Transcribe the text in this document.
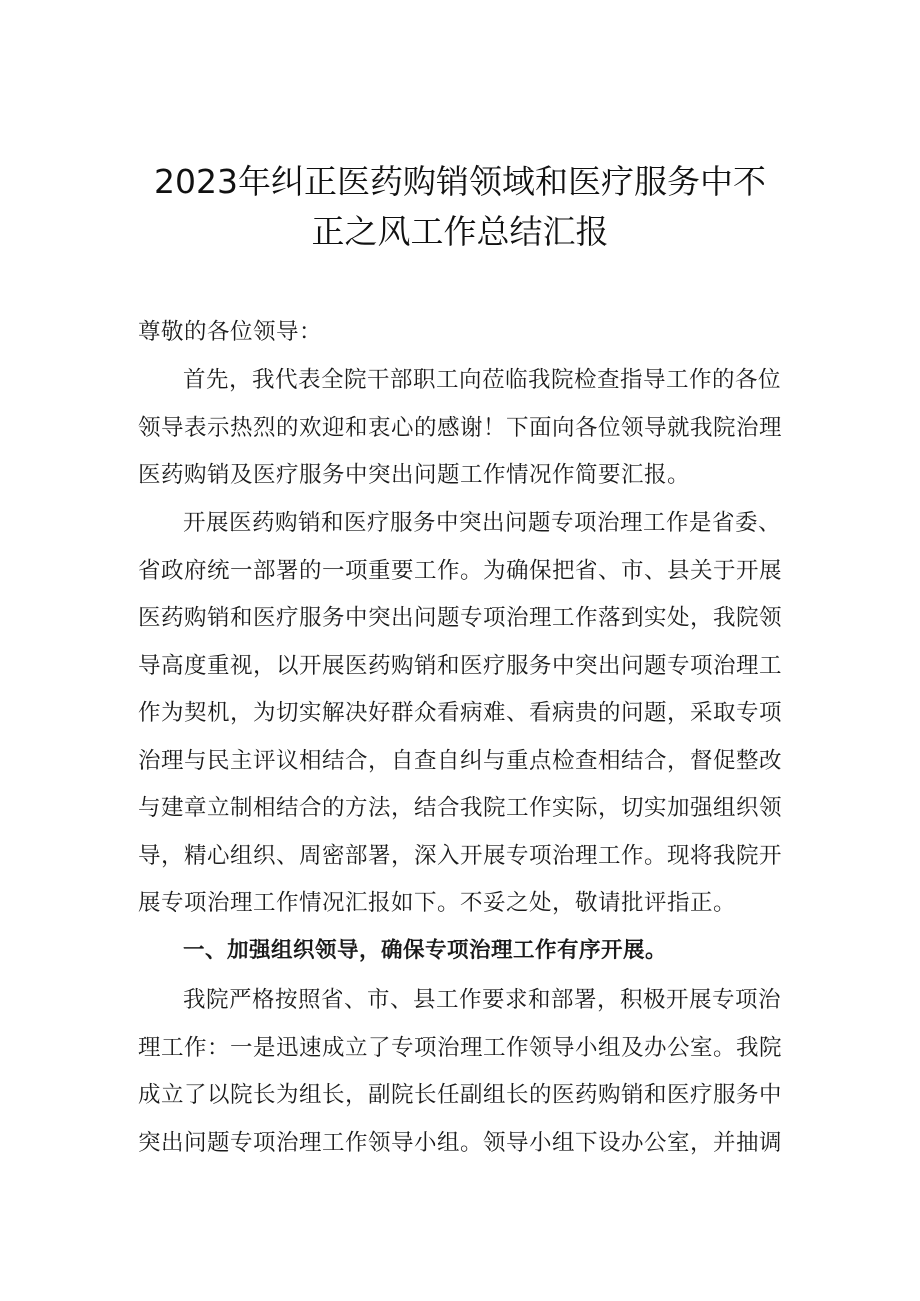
2023年纠正医药购销领域和医疗服务中不
正之风工作总结汇报

尊敬的各位领导：

首先，我代表全院干部职工向莅临我院检查指导工作的各位领导表示热烈的欢迎和衷心的感谢！下面向各位领导就我院治理医药购销及医疗服务中突出问题工作情况作简要汇报。

开展医药购销和医疗服务中突出问题专项治理工作是省委、省政府统一部署的一项重要工作。为确保把省、市、县关于开展医药购销和医疗服务中突出问题专项治理工作落到实处，我院领导高度重视，以开展医药购销和医疗服务中突出问题专项治理工作为契机，为切实解决好群众看病难、看病贵的问题，采取专项治理与民主评议相结合，自查自纠与重点检查相结合，督促整改与建章立制相结合的方法，结合我院工作实际，切实加强组织领导，精心组织、周密部署，深入开展专项治理工作。现将我院开展专项治理工作情况汇报如下。不妥之处，敬请批评指正。

一、加强组织领导，确保专项治理工作有序开展。

我院严格按照省、市、县工作要求和部署，积极开展专项治理工作：一是迅速成立了专项治理工作领导小组及办公室。我院成立了以院长为组长，副院长任副组长的医药购销和医疗服务中突出问题专项治理工作领导小组。领导小组下设办公室，并抽调
